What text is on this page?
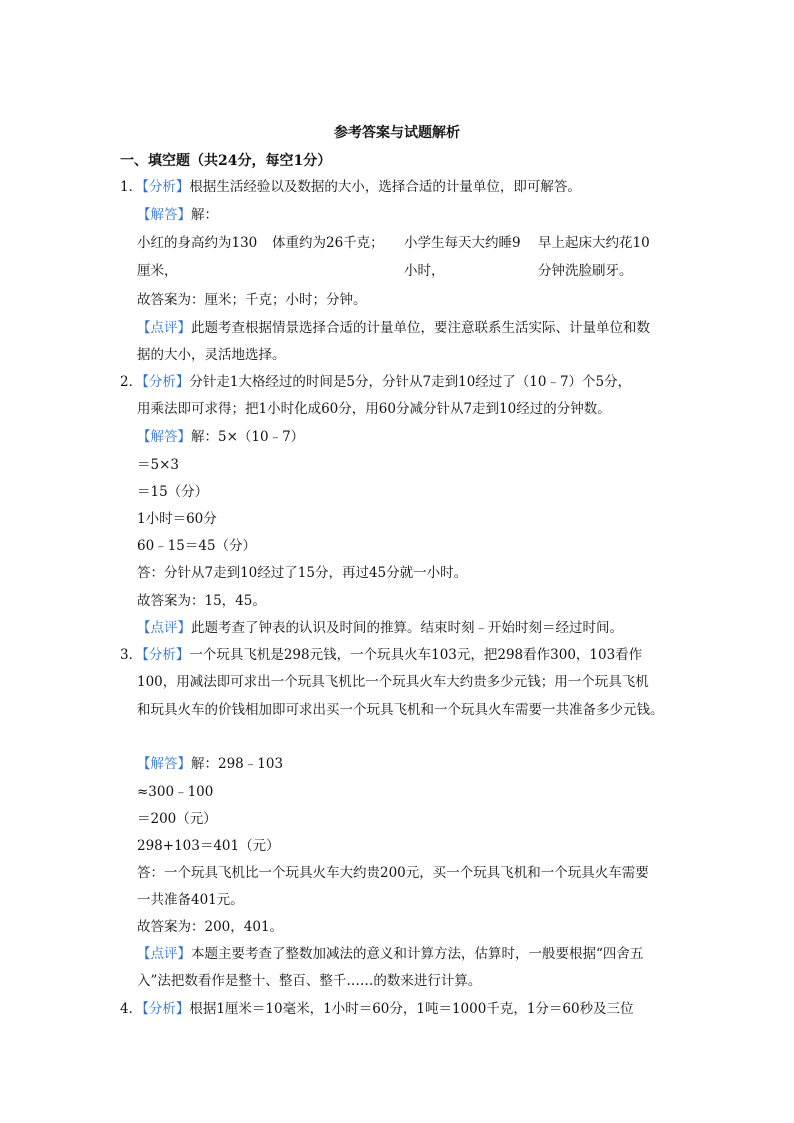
参考答案与试题解析
一、填空题（共24分，每空1分）
1．【分析】根据生活经验以及数据的大小，选择合适的计量单位，即可解答。
【解答】解：
小红的身高约为130
厘米，
体重约为26千克； 小学生每天大约睡9
小时，
早上起床大约花10
分钟洗脸刷牙。
故答案为：厘米；千克；小时；分钟。
【点评】此题考查根据情景选择合适的计量单位，要注意联系生活实际、计量单位和数
据的大小，灵活地选择。
2．【分析】分针走1大格经过的时间是5分，分针从7走到10经过了（10﹣7）个5分，
用乘法即可求得；把1小时化成60分，用60分减分针从7走到10经过的分钟数。
【解答】解：5×（10﹣7）
＝5×3
＝15（分）
1小时＝60分
60﹣15＝45（分）
答：分针从7走到10经过了15分，再过45分就一小时。
故答案为：15，45。
【点评】此题考查了钟表的认识及时间的推算。结束时刻﹣开始时刻＝经过时间。
3．【分析】一个玩具飞机是298元钱，一个玩具火车103元，把298看作300，103看作
100，用减法即可求出一个玩具飞机比一个玩具火车大约贵多少元钱；用一个玩具飞机
和玩具火车的价钱相加即可求出买一个玩具飞机和一个玩具火车需要一共准备多少元钱。
【解答】解：298﹣103
≈300﹣100
＝200（元）
298+103＝401（元）
答：一个玩具飞机比一个玩具火车大约贵200元，买一个玩具飞机和一个玩具火车需要
一共准备401元。
故答案为：200，401。
【点评】本题主要考查了整数加减法的意义和计算方法，估算时，一般要根据“四舍五
入”法把数看作是整十、整百、整千……的数来进行计算。
4．【分析】根据1厘米＝10毫米，1小时＝60分，1吨＝1000千克，1分＝60秒及三位
